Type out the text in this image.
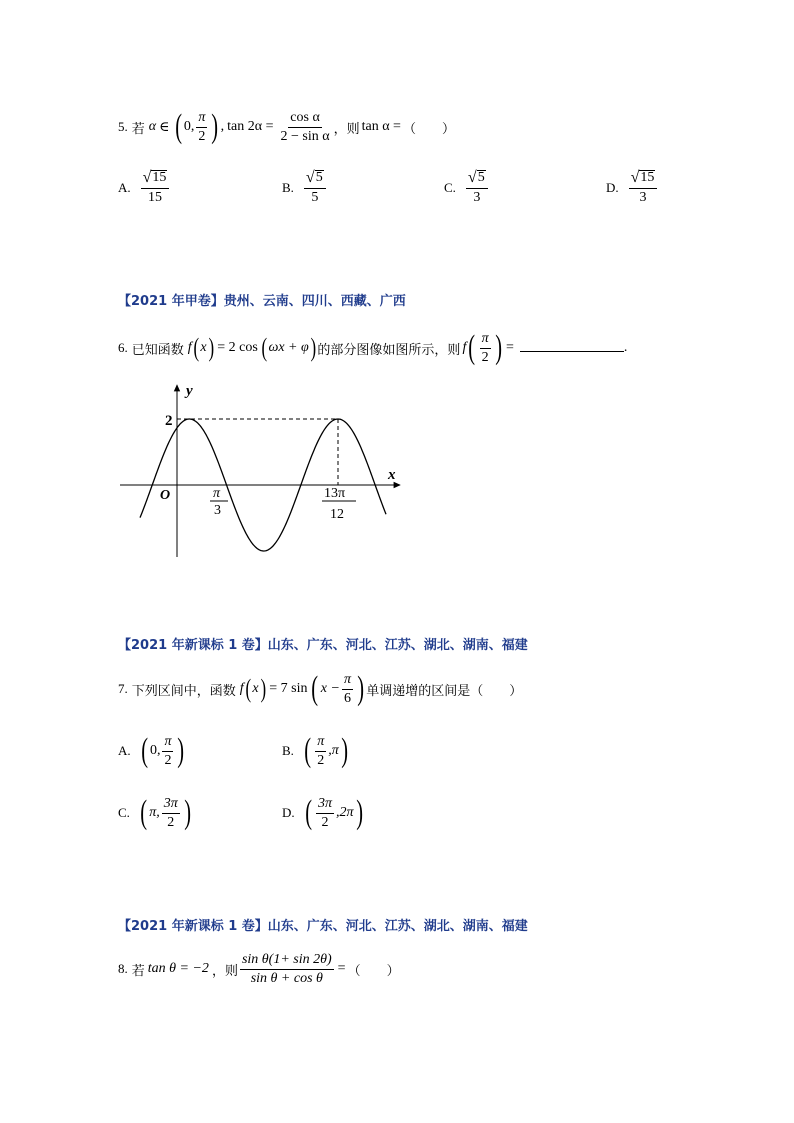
5. 若 α ∈ ( 0, $\frac{\pi}{2}$ ) , $\tan 2\alpha = \frac{\text{cos α}}{\text{2 − sin α}}$ ，则 tan α = （　　）
A. $\frac{√ 15}{15}$	B. $\frac{√ 5}{5}$	C. $\frac{√ 5}{3}$	D. $\frac{√ 15}{3}$
【2021 年甲卷】贵州、云南、四川、西藏、广西
6. 已知函数 f ( x ) = 2 cos ( ωx + φ ) 的部分图像如图所示，则 f ( $\frac{\pi}{2}$ ) =	.
y
x
O
2
π
3
13π
12
【2021 年新课标 1 卷】山东、广东、河北、江苏、湖北、湖南、福建
7. 下列区间中，函数 f ( x ) = 7 sin ( $x - \frac{\pi}{6}$ ) 单调递增的区间是（　　）
A. ( 0, $\frac{\pi}{2}$ )	B. ( $\frac{\pi}{2} ,\pi$ )
C. ( π, $\frac{3\pi}{2}$ )	D. ( $\frac{3\pi}{2} ,2\pi$ )
【2021 年新课标 1 卷】山东、广东、河北、江苏、湖北、湖南、福建
8. 若 tan θ = −2 ，则 $\frac{\text{sin θ(1+ sin 2θ)}}{\text{sin θ + cos θ}}$ = （　　）
